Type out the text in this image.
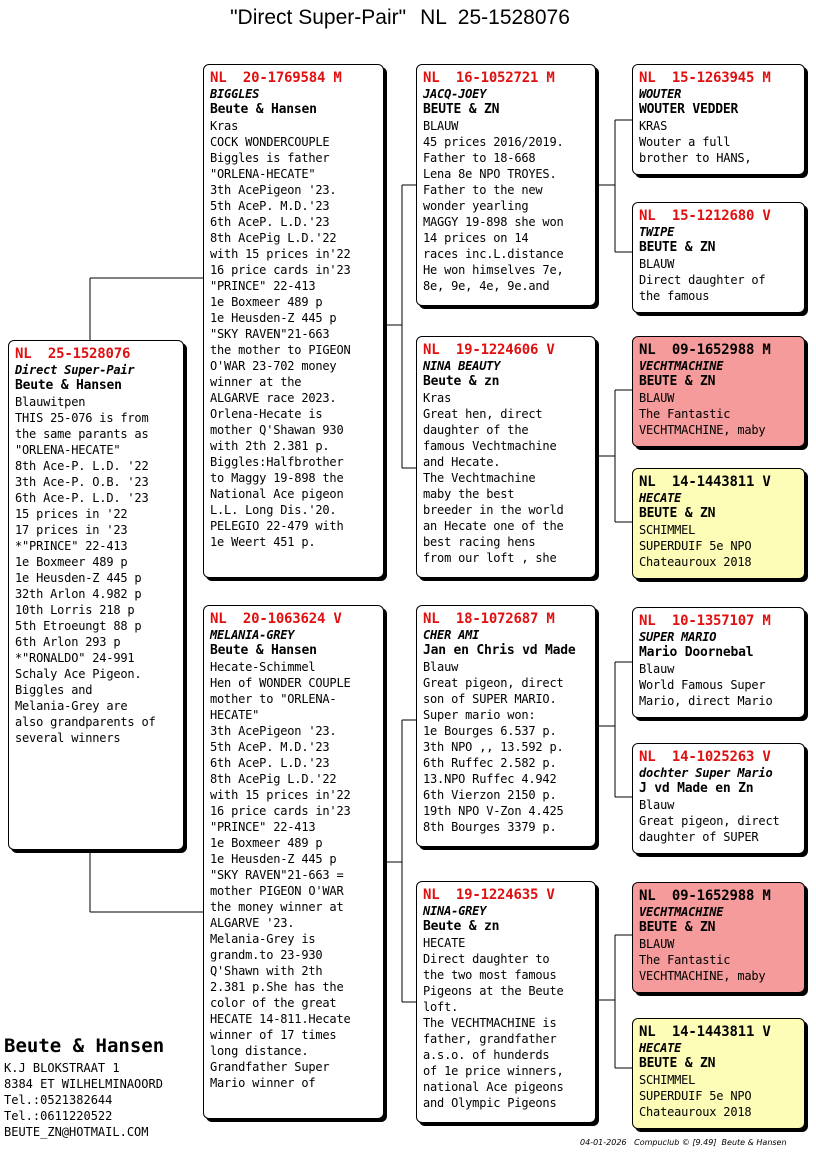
"Direct Super-Pair" NL  25-1528076
NL  25-1528076
Direct Super-Pair
Beute & Hansen
Blauwitpen
THIS 25-076 is from
the same parants as
"ORLENA-HECATE"
8th Ace-P. L.D. '22
3th Ace-P. O.B. '23
6th Ace-P. L.D. '23
15 prices in '22
17 prices in '23
*"PRINCE" 22-413
1e Boxmeer 489 p
1e Heusden-Z 445 p
32th Arlon 4.982 p
10th Lorris 218 p
5th Etroeungt 88 p
6th Arlon 293 p
*"RONALDO" 24-991
Schaly Ace Pigeon.
Biggles and
Melania-Grey are
also grandparents of
several winners
NL  20-1769584 M
BIGGLES
Beute & Hansen
Kras
COCK WONDERCOUPLE
Biggles is father
"ORLENA-HECATE"
3th AcePigeon '23.
5th AceP. M.D.'23
6th AceP. L.D.'23
8th AcePig L.D.'22
with 15 prices in'22
16 price cards in'23
"PRINCE" 22-413
1e Boxmeer 489 p
1e Heusden-Z 445 p
"SKY RAVEN"21-663
the mother to PIGEON
O'WAR 23-702 money
winner at the
ALGARVE race 2023.
Orlena-Hecate is
mother Q'Shawan 930
with 2th 2.381 p.
Biggles:Halfbrother
to Maggy 19-898 the
National Ace pigeon
L.L. Long Dis.'20.
PELEGIO 22-479 with
1e Weert 451 p.
NL  20-1063624 V
MELANIA-GREY
Beute & Hansen
Hecate-Schimmel
Hen of WONDER COUPLE
mother to "ORLENA-
HECATE"
3th AcePigeon '23.
5th AceP. M.D.'23
6th AceP. L.D.'23
8th AcePig L.D.'22
with 15 prices in'22
16 price cards in'23
"PRINCE" 22-413
1e Boxmeer 489 p
1e Heusden-Z 445 p
"SKY RAVEN"21-663 =
mother PIGEON O'WAR
the money winner at
ALGARVE '23.
Melania-Grey is
grandm.to 23-930
Q'Shawn with 2th
2.381 p.She has the
color of the great
HECATE 14-811.Hecate
winner of 17 times
long distance.
Grandfather Super
Mario winner of
NL  16-1052721 M
JACQ-JOEY
BEUTE & ZN
BLAUW
45 prices 2016/2019.
Father to 18-668
Lena 8e NPO TROYES.
Father to the new
wonder yearling
MAGGY 19-898 she won
14 prices on 14
races inc.L.distance
He won himselves 7e,
8e, 9e, 4e, 9e.and
NL  19-1224606 V
NINA BEAUTY
Beute & zn
Kras
Great hen, direct
daughter of the
famous Vechtmachine
and Hecate.
The Vechtmachine
maby the best
breeder in the world
an Hecate one of the
best racing hens
from our loft , she
NL  18-1072687 M
CHER AMI
Jan en Chris vd Made
Blauw
Great pigeon, direct
son of SUPER MARIO.
Super mario won:
1e Bourges 6.537 p.
3th NPO ,, 13.592 p.
6th Ruffec 2.582 p.
13.NPO Ruffec 4.942
6th Vierzon 2150 p.
19th NPO V-Zon 4.425
8th Bourges 3379 p.
NL  19-1224635 V
NINA-GREY
Beute & zn
HECATE
Direct daughter to
the two most famous
Pigeons at the Beute
loft.
The VECHTMACHINE is
father, grandfather
a.s.o. of hunderds
of 1e price winners,
national Ace pigeons
and Olympic Pigeons
NL  15-1263945 M
WOUTER
WOUTER VEDDER
KRAS
Wouter a full
brother to HANS,
NL  15-1212680 V
TWIPE
BEUTE & ZN
BLAUW
Direct daughter of
the famous
NL  09-1652988 M
VECHTMACHINE
BEUTE & ZN
BLAUW
The Fantastic
VECHTMACHINE, maby
NL  14-1443811 V
HECATE
BEUTE & ZN
SCHIMMEL
SUPERDUIF 5e NPO
Chateauroux 2018
NL  10-1357107 M
SUPER MARIO
Mario Doornebal
Blauw
World Famous Super
Mario, direct Mario
NL  14-1025263 V
dochter Super Mario
J vd Made en Zn
Blauw
Great pigeon, direct
daughter of SUPER
NL  09-1652988 M
VECHTMACHINE
BEUTE & ZN
BLAUW
The Fantastic
VECHTMACHINE, maby
NL  14-1443811 V
HECATE
BEUTE & ZN
SCHIMMEL
SUPERDUIF 5e NPO
Chateauroux 2018
Beute & Hansen
K.J BLOKSTRAAT 1
8384 ET WILHELMINAOORD
Tel.:0521382644
Tel.:0611220522
BEUTE_ZN@HOTMAIL.COM
04-01-2026   Compuclub © [9.49]  Beute & Hansen
